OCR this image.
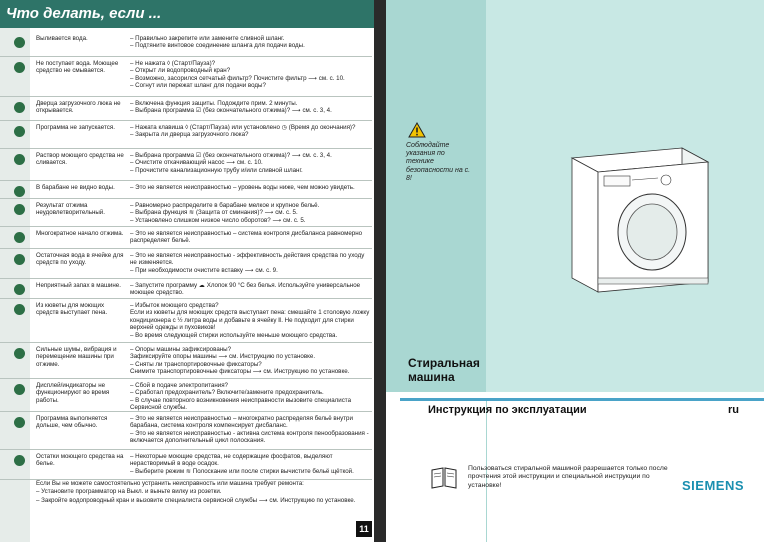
Что делать, если ...
Выливается вода.	– Правильно закрепите или замените сливной шланг.
– Подтяните винтовое соединение шланга для подачи воды.
Не поступает вода. Моющее средство не смывается.
– Не нажата ◊ (Старт/Пауза)?
– Открыт ли водопроводный кран?
– Возможно, засорился сетчатый фильтр? Почистите фильтр ⟶ см. с. 10.
– Согнут или пережат шланг для подачи воды?
Дверца загрузочного люка не открывается.
– Включена функция защиты. Подождите прим. 2 минуты.
– Выбрана программа ☑ (без окончательного отжима)? ⟶ см. с. 3, 4.
Программа не запускается.	– Нажата клавиша ◊ (Старт/Пауза) или установлено ◷ (Время до окончания)?
– Закрыта ли дверца загрузочного люка?
Раствор моющего средства не сливается.
– Выбрана программа ☑ (без окончательного отжима)? ⟶ см. с. 3, 4.
– Очистите откачивающий насос ⟶ см. с. 10.
– Прочистите канализационную трубу и/или сливной шланг.
В барабане не видно воды.	– Это не является неисправностью – уровень воды ниже, чем можно увидеть.
Результат отжима неудовлетворительный.
– Равномерно распределите в барабане мелкое и крупное бельё.
– Выбрана функция ≋ (Защита от сминания)? ⟶ см. с. 5.
– Установлено слишком низкое число оборотов? ⟶ см. с. 5.
Многократное начало отжима.	– Это не является неисправностью – система контроля дисбаланса равномерно распределяет бельё.
Остаточная вода в ячейке для средств по уходу.
– Это не является неисправностью - эффективность действия средства по уходу не изменяется.
– При необходимости очистите вставку ⟶ см. с. 9.
Неприятный запах в машине.	– Запустите программу ☁ Хлопок 90 °C без белья. Используйте универсальное моющее средство.
Из кюветы для моющих средств выступает пена.
– Избыток моющего средства?
Если из кюветы для моющих средств выступает пена: смешайте 1 столовую ложку кондиционера с ½ литра воды и добавьте в ячейку Ⅱ. Не подходит для стирки верхней одежды и пуховиков!
– Во время следующей стирки используйте меньше моющего средства.
Сильные шумы, вибрация и перемещение машины при отжиме.
– Опоры машины зафиксированы?
Зафиксируйте опоры машины ⟶ см. Инструкцию по установке.
– Сняты ли транспортировочные фиксаторы?
Снимите транспортировочные фиксаторы ⟶ см. Инструкцию по установке.
Дисплей/индикаторы не функционируют во время работы.
– Сбой в подаче электропитания?
– Сработал предохранитель? Включите/замените предохранитель.
– В случае повторного возникновения неисправности вызовите специалиста Сервисной службы.
Программа выполняется дольше, чем обычно.
– Это не является неисправностью – многократно распределяя бельё внутри барабана, система контроля компенсирует дисбаланс.
– Это не является неисправностью - активна система контроля пенообразования - включается дополнительный цикл полоскания.
Остатки моющего средства на белье.
– Некоторые моющие средства, не содержащие фосфатов, выделяют нерастворимый в воде осадок.
– Выберите режим ≋ Полоскание или после стирки вычистите бельё щёткой.
Если Вы не можете самостоятельно устранить неисправность или машина требует ремонта:
– Установите программатор на Выкл. и выньте вилку из розетки.
– Закройте водопроводный кран и вызовите специалиста сервисной службы ⟶ см. Инструкцию по установке.
11
Соблюдайте указания по технике безопасности на с. 8!
Стиральная машина
Инструкция по эксплуатации	ru
Пользоваться стиральной машиной разрешается только после прочтения этой инструкции и специальной инструкции по установке!	SIEMENS
